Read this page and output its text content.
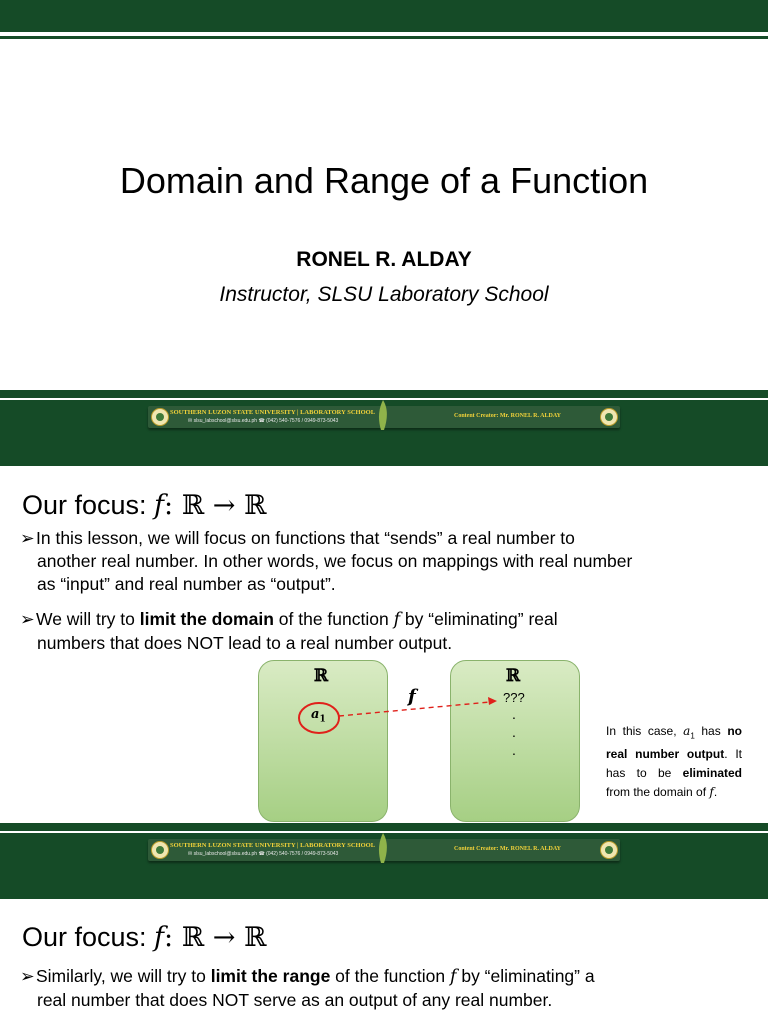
Domain and Range of a Function
RONEL R. ALDAY
Instructor, SLSU Laboratory School
SOUTHERN LUZON STATE UNIVERSITY | LABORATORY SCHOOL
✉ slsu_labschool@slsu.edu.ph ☎ (042) 540-7576 / 0949-873-5043
Content Creator: Mr. RONEL R. ALDAY
Our focus: f: ℝ → ℝ
➢In this lesson, we will focus on functions that “sends” a real number to
another real number. In other words, we focus on mappings with real number
as “input” and real number as “output”.
➢We will try to limit the domain of the function f by “eliminating” real
numbers that does NOT lead to a real number output.
ℝ	ℝ
f
$a_1$
???
.
.
.
In this case, $a_1$ has no real number output. It has to be eliminated from the domain of f.
SOUTHERN LUZON STATE UNIVERSITY | LABORATORY SCHOOL
✉ slsu_labschool@slsu.edu.ph ☎ (042) 540-7576 / 0949-873-5043
Content Creator: Mr. RONEL R. ALDAY
Our focus: f: ℝ → ℝ
➢Similarly, we will try to limit the range of the function f by “eliminating” a
real number that does NOT serve as an output of any real number.
